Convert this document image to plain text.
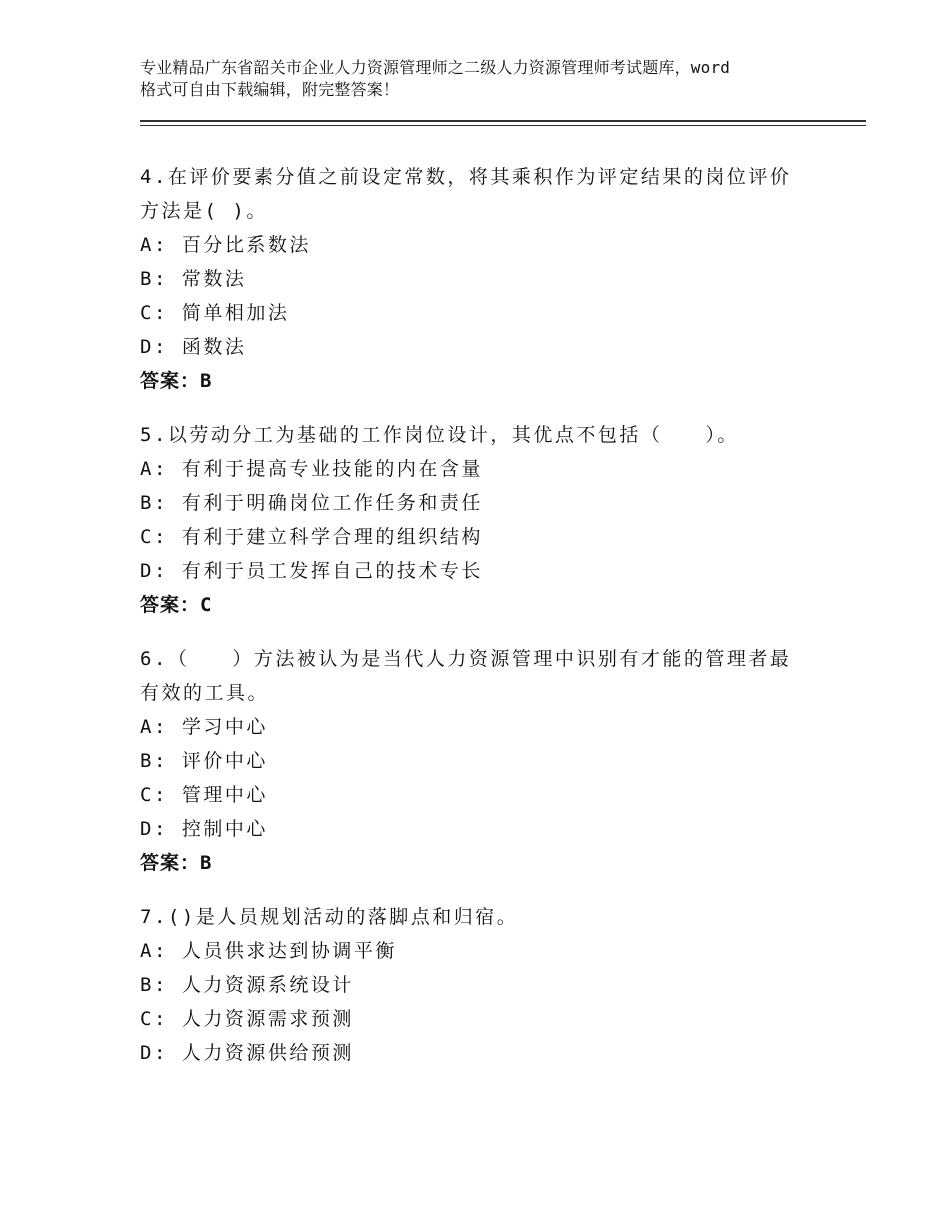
专业精品广东省韶关市企业人力资源管理师之二级人力资源管理师考试题库，word
格式可自由下载编辑，附完整答案！
4.在评价要素分值之前设定常数，将其乘积作为评定结果的岗位评价
方法是( )。
A: 百分比系数法
B: 常数法
C: 简单相加法
D: 函数法
答案：B
5.以劳动分工为基础的工作岗位设计，其优点不包括（　　）。
A: 有利于提高专业技能的内在含量
B: 有利于明确岗位工作任务和责任
C: 有利于建立科学合理的组织结构
D: 有利于员工发挥自己的技术专长
答案：C
6.（　　）方法被认为是当代人力资源管理中识别有才能的管理者最
有效的工具。
A: 学习中心
B: 评价中心
C: 管理中心
D: 控制中心
答案：B
7.()是人员规划活动的落脚点和归宿。
A: 人员供求达到协调平衡
B: 人力资源系统设计
C: 人力资源需求预测
D: 人力资源供给预测
